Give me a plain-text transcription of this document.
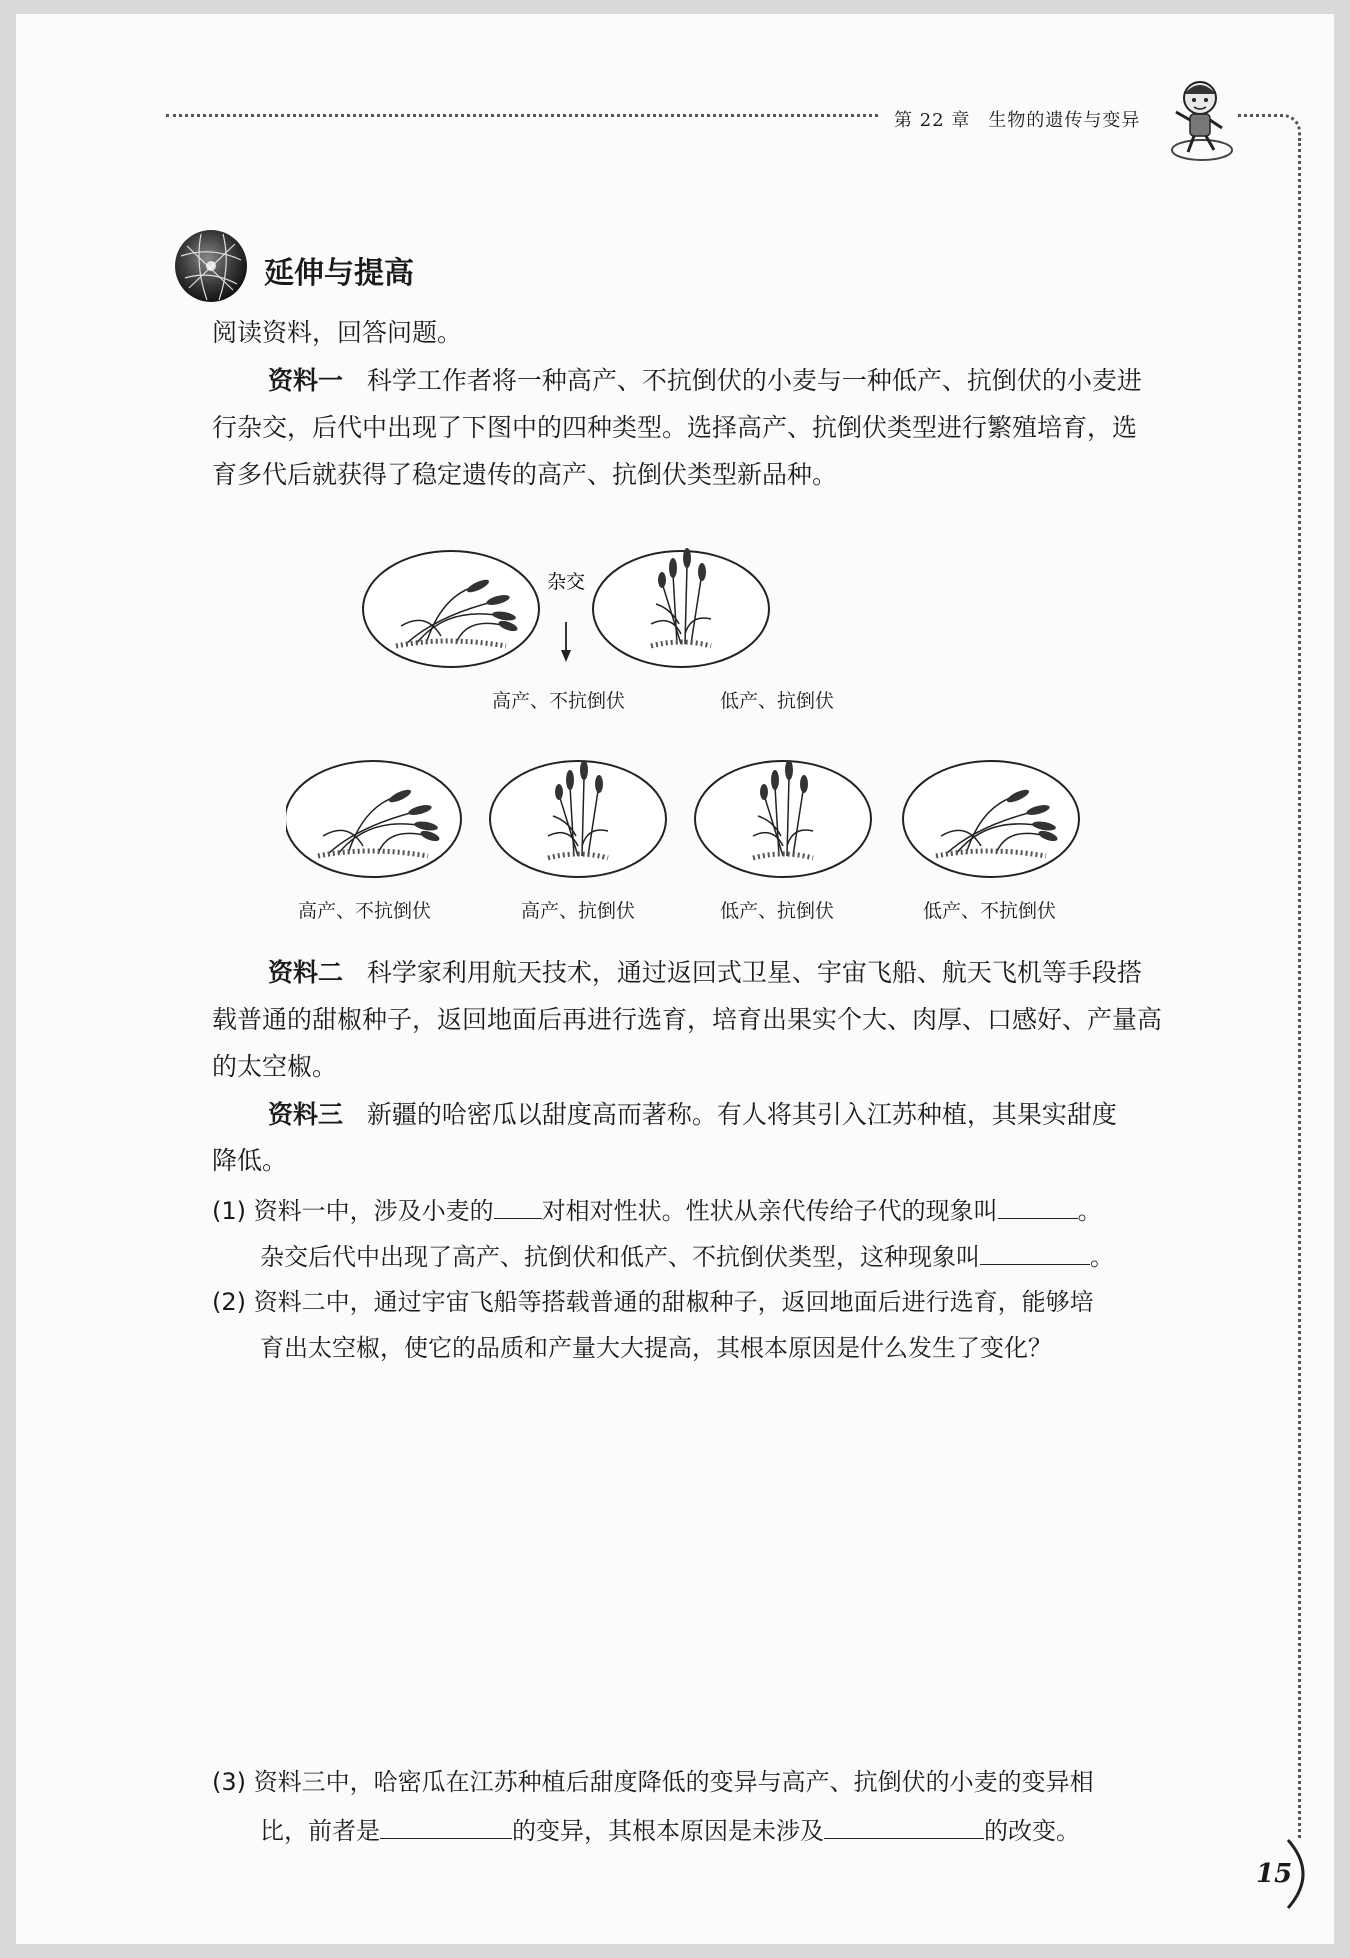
第 22 章 生物的遗传与变异
延伸与提高
阅读资料，回答问题。
资料一 科学工作者将一种高产、不抗倒伏的小麦与一种低产、抗倒伏的小麦进
行杂交，后代中出现了下图中的四种类型。选择高产、抗倒伏类型进行繁殖培育，选
育多代后就获得了稳定遗传的高产、抗倒伏类型新品种。
杂交
高产、不抗倒伏	低产、抗倒伏
高产、不抗倒伏	高产、抗倒伏	低产、抗倒伏	低产、不抗倒伏
资料二 科学家利用航天技术，通过返回式卫星、宇宙飞船、航天飞机等手段搭
载普通的甜椒种子，返回地面后再进行选育，培育出果实个大、肉厚、口感好、产量高
的太空椒。
资料三 新疆的哈密瓜以甜度高而著称。有人将其引入江苏种植，其果实甜度
降低。
(1) 资料一中，涉及小麦的 对相对性状。性状从亲代传给子代的现象叫	。
杂交后代中出现了高产、抗倒伏和低产、不抗倒伏类型，这种现象叫	。
(2) 资料二中，通过宇宙飞船等搭载普通的甜椒种子，返回地面后进行选育，能够培
育出太空椒，使它的品质和产量大大提高，其根本原因是什么发生了变化？
(3) 资料三中，哈密瓜在江苏种植后甜度降低的变异与高产、抗倒伏的小麦的变异相
比，前者是	的变异，其根本原因是未涉及	的改变。
15
